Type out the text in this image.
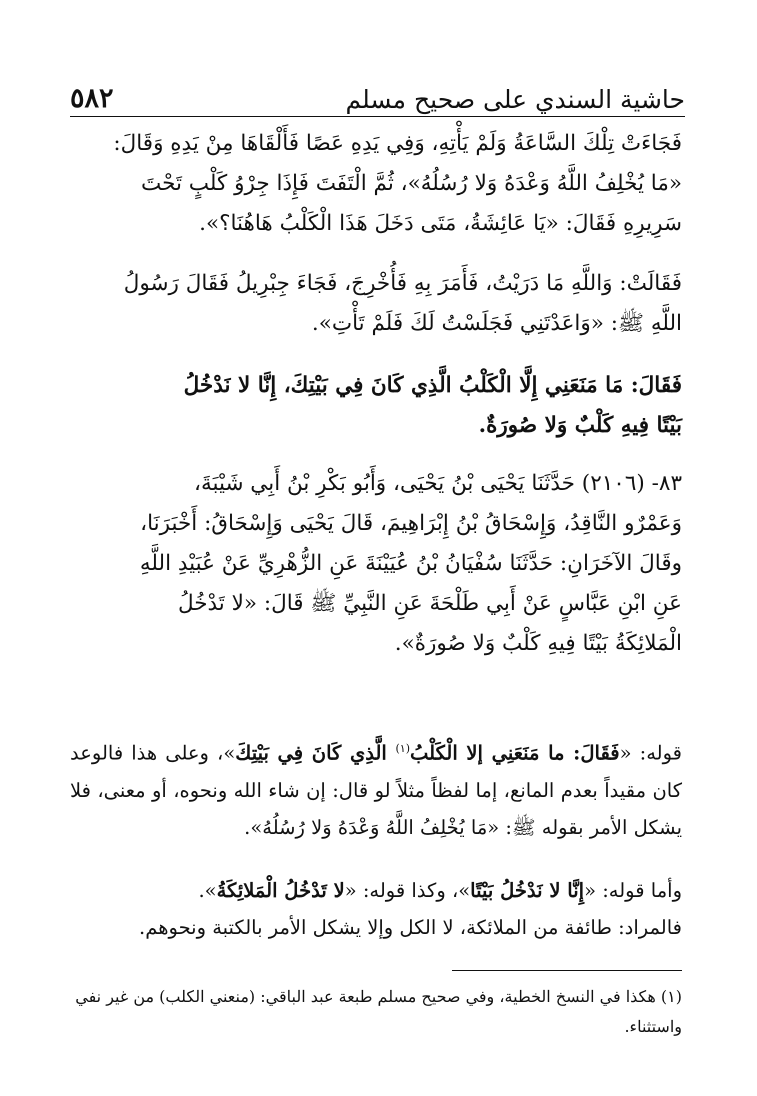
حاشية السندي على صحيح مسلم
٥٨٢

فَجَاءَتْ تِلْكَ السَّاعَةُ وَلَمْ يَأْتِهِ، وَفِي يَدِهِ عَصًا فَأَلْقَاهَا مِنْ يَدِهِ وَقَالَ:

«مَا يُخْلِفُ اللَّهُ وَعْدَهُ وَلا رُسُلُهُ»، ثُمَّ الْتَفَتَ فَإِذَا جِرْوُ كَلْبٍ تَحْتَ

سَرِيرِهِ فَقَالَ: «يَا عَائِشَةُ، مَتَى دَخَلَ هَذَا الْكَلْبُ هَاهُنَا؟».

فَقَالَتْ: وَاللَّهِ مَا دَرَيْتُ، فَأَمَرَ بِهِ فَأُخْرِجَ، فَجَاءَ جِبْرِيلُ فَقَالَ رَسُولُ

اللَّهِ ﷺ: «وَاعَدْتَنِي فَجَلَسْتُ لَكَ فَلَمْ تَأْتِ».

فَقَالَ: مَا مَنَعَنِي إِلَّا الْكَلْبُ الَّذِي كَانَ فِي بَيْتِكَ، إِنَّا لا نَدْخُلُ

بَيْتًا فِيهِ كَلْبٌ وَلا صُورَةٌ.

٨٣- (٢١٠٦) حَدَّثَنَا يَحْيَى بْنُ يَحْيَى، وَأَبُو بَكْرِ بْنُ أَبِي شَيْبَةَ،

وَعَمْرٌو النَّاقِدُ، وَإِسْحَاقُ بْنُ إِبْرَاهِيمَ، قَالَ يَحْيَى وَإِسْحَاقُ: أَخْبَرَنَا،

وقَالَ الآخَرَانِ: حَدَّثَنَا سُفْيَانُ بْنُ عُيَيْنَةَ عَنِ الزُّهْرِيِّ عَنْ عُبَيْدِ اللَّهِ

عَنِ ابْنِ عَبَّاسٍ عَنْ أَبِي طَلْحَةَ عَنِ النَّبِيِّ ﷺ قَالَ: «لا تَدْخُلُ

الْمَلائِكَةُ بَيْتًا فِيهِ كَلْبٌ وَلا صُورَةٌ».

قوله: «فَقَالَ: ما مَنَعَنِي إلا الْكَلْبُ$^{(١)}$ الَّذِي كَانَ فِي بَيْتِكَ»، وعلى هذا فالوعد كان مقيداً بعدم المانع، إما لفظاً مثلاً لو قال: إن شاء الله ونحوه، أو معنى، فلا يشكل الأمر بقوله ﷺ: «مَا يُخْلِفُ اللَّهُ وَعْدَهُ وَلا رُسُلُهُ».

وأما قوله: «إِنَّا لا نَدْخُلُ بَيْتًا»، وكذا قوله: «لا تَدْخُلُ الْمَلائِكَةُ».

فالمراد: طائفة من الملائكة، لا الكل وإلا يشكل الأمر بالكتبة ونحوهم.

(١) هكذا في النسخ الخطية، وفي صحيح مسلم طبعة عبد الباقي: (منعني الكلب) من غير نفي واستثناء.
